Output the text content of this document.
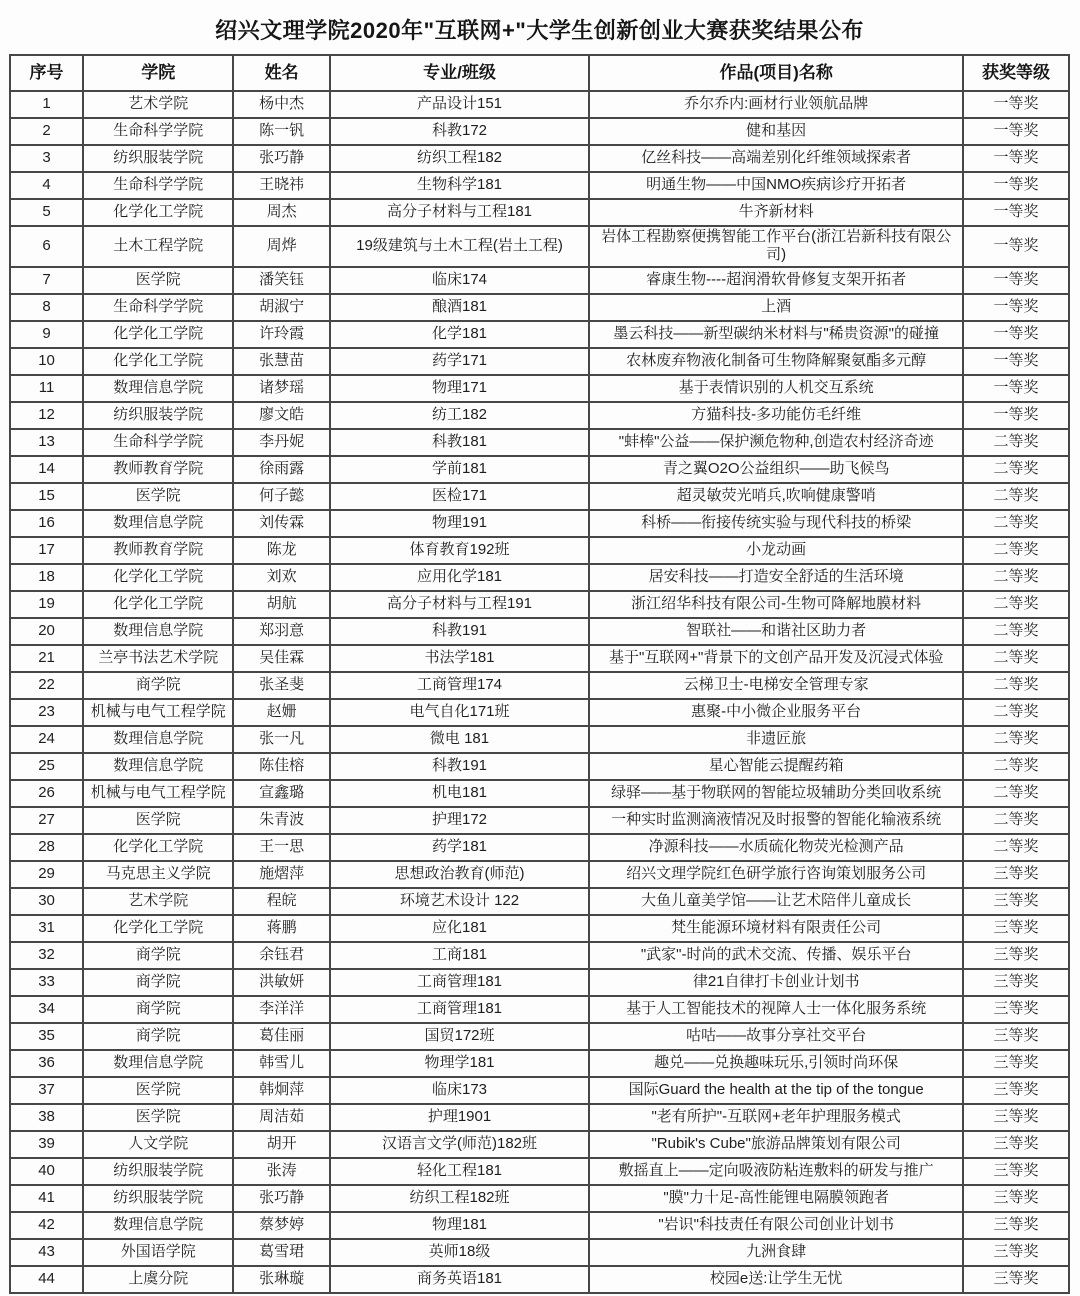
绍兴文理学院2020年"互联网+"大学生创新创业大赛获奖结果公布
序号	学院	姓名	专业/班级	作品(项目)名称	获奖等级
1	艺术学院	杨中杰	产品设计151	乔尔乔内:画材行业领航品牌	一等奖
2	生命科学学院	陈一钒	科教172	健和基因	一等奖
3	纺织服装学院	张巧静	纺织工程182	亿丝科技——高端差别化纤维领域探索者	一等奖
4	生命科学学院	王晓祎	生物科学181	明通生物——中国NMO疾病诊疗开拓者	一等奖
5	化学化工学院	周杰	高分子材料与工程181	牛齐新材料	一等奖
6	土木工程学院	周烨	19级建筑与土木工程(岩土工程)	岩体工程勘察便携智能工作平台(浙江岩新科技有限公司)	一等奖
7	医学院	潘笑钰	临床174	睿康生物----超润滑软骨修复支架开拓者	一等奖
8	生命科学学院	胡淑宁	酿酒181	上酒	一等奖
9	化学化工学院	许玲霞	化学181	墨云科技——新型碳纳米材料与"稀贵资源"的碰撞	一等奖
10	化学化工学院	张慧苗	药学171	农林废弃物液化制备可生物降解聚氨酯多元醇	一等奖
11	数理信息学院	诸梦瑶	物理171	基于表情识别的人机交互系统	一等奖
12	纺织服装学院	廖文皓	纺工182	方猫科技-多功能仿毛纤维	一等奖
13	生命科学学院	李丹妮	科教181	"蚌棒"公益——保护濒危物种,创造农村经济奇迹	二等奖
14	教师教育学院	徐雨露	学前181	青之翼O2O公益组织——助飞候鸟	二等奖
15	医学院	何子懿	医检171	超灵敏荧光哨兵,吹响健康警哨	二等奖
16	数理信息学院	刘传霖	物理191	科桥——衔接传统实验与现代科技的桥梁	二等奖
17	教师教育学院	陈龙	体育教育192班	小龙动画	二等奖
18	化学化工学院	刘欢	应用化学181	居安科技——打造安全舒适的生活环境	二等奖
19	化学化工学院	胡航	高分子材料与工程191	浙江绍华科技有限公司-生物可降解地膜材料	二等奖
20	数理信息学院	郑羽意	科教191	智联社——和谐社区助力者	二等奖
21	兰亭书法艺术学院	吴佳霖	书法学181	基于"互联网+"背景下的文创产品开发及沉浸式体验	二等奖
22	商学院	张圣斐	工商管理174	云梯卫士-电梯安全管理专家	二等奖
23	机械与电气工程学院	赵姗	电气自化171班	惠聚-中小微企业服务平台	二等奖
24	数理信息学院	张一凡	微电 181	非遗匠旅	二等奖
25	数理信息学院	陈佳榕	科教191	星心智能云提醒药箱	二等奖
26	机械与电气工程学院	宣鑫璐	机电181	绿驿——基于物联网的智能垃圾辅助分类回收系统	二等奖
27	医学院	朱青波	护理172	一种实时监测滴液情况及时报警的智能化输液系统	二等奖
28	化学化工学院	王一思	药学181	净源科技——水质硫化物荧光检测产品	二等奖
29	马克思主义学院	施熠萍	思想政治教育(师范)	绍兴文理学院红色研学旅行咨询策划服务公司	三等奖
30	艺术学院	程皖	环境艺术设计 122	大鱼儿童美学馆——让艺术陪伴儿童成长	三等奖
31	化学化工学院	蒋鹏	应化181	梵生能源环境材料有限责任公司	三等奖
32	商学院	余钰君	工商181	"武家"-时尚的武术交流、传播、娱乐平台	三等奖
33	商学院	洪敏妍	工商管理181	律21自律打卡创业计划书	三等奖
34	商学院	李洋洋	工商管理181	基于人工智能技术的视障人士一体化服务系统	三等奖
35	商学院	葛佳丽	国贸172班	咕咕——故事分享社交平台	三等奖
36	数理信息学院	韩雪儿	物理学181	趣兑——兑换趣味玩乐,引领时尚环保	三等奖
37	医学院	韩炯萍	临床173	国际Guard the health at the tip of the tongue	三等奖
38	医学院	周洁茹	护理1901	"老有所护"-互联网+老年护理服务模式	三等奖
39	人文学院	胡开	汉语言文学(师范)182班	"Rubik's Cube"旅游品牌策划有限公司	三等奖
40	纺织服装学院	张涛	轻化工程181	敷摇直上——定向吸液防粘连敷料的研发与推广	三等奖
41	纺织服装学院	张巧静	纺织工程182班	"膜"力十足-高性能锂电隔膜领跑者	三等奖
42	数理信息学院	蔡梦婷	物理181	"岩识"科技责任有限公司创业计划书	三等奖
43	外国语学院	葛雪珺	英师18级	九洲食肆	三等奖
44	上虞分院	张琳璇	商务英语181	校园e送:让学生无忧	三等奖
